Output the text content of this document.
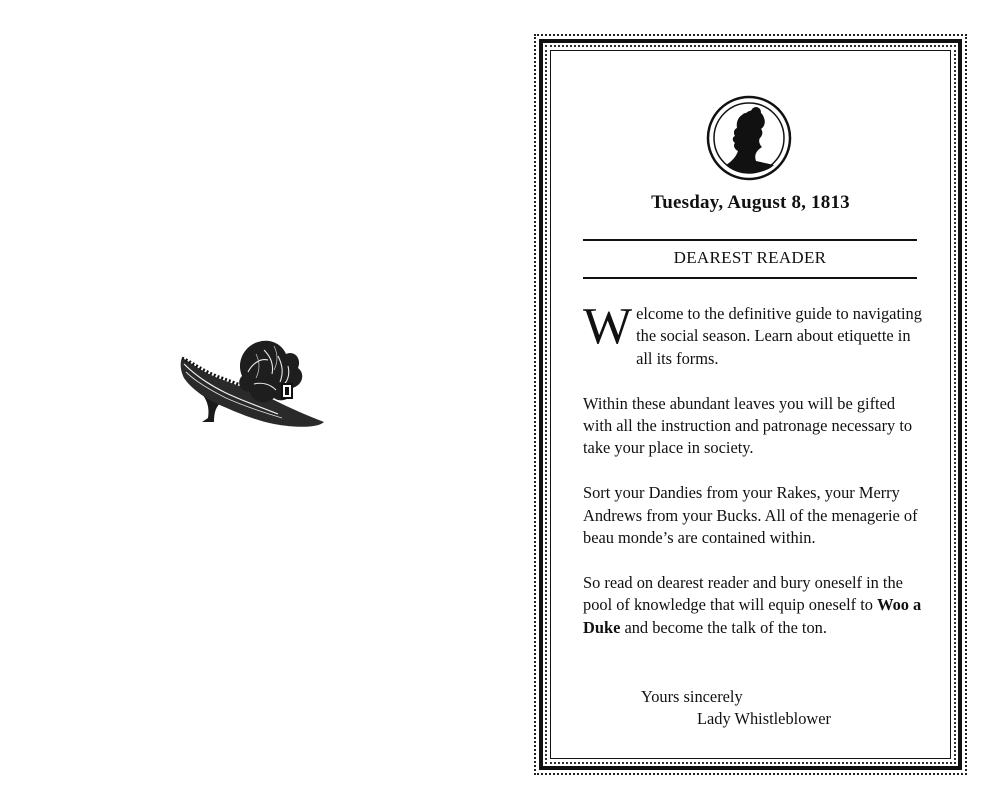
Tuesday, August 8, 1813
DEAREST READER

Welcome to the definitive guide to navigating the social season. Learn about etiquette in all its forms.

Within these abundant leaves you will be gifted with all the instruction and patronage necessary to take your place in society.

Sort your Dandies from your Rakes, your Merry Andrews from your Bucks. All of the menagerie of beau monde’s are contained within.

So read on dearest reader and bury oneself in the pool of knowledge that will equip oneself to Woo a Duke and become the talk of the ton.

Yours sincerely
Lady Whistleblower
